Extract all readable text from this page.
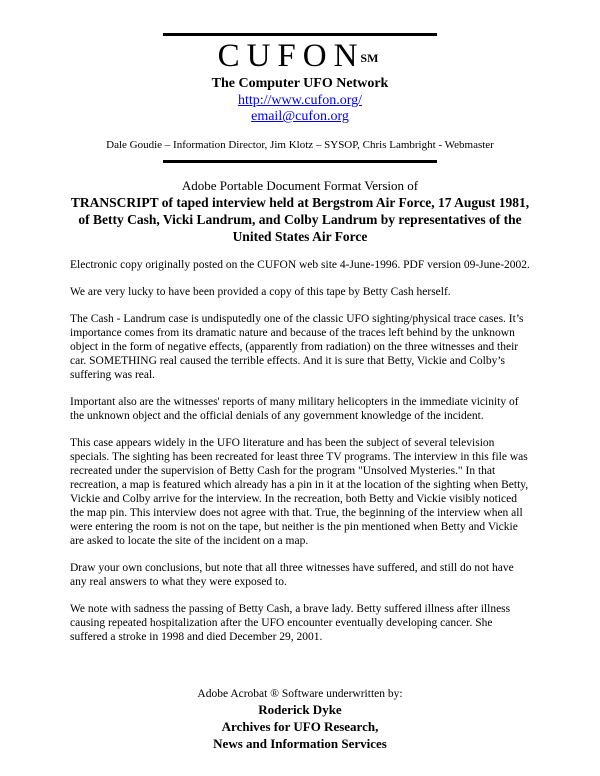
CUFON℠
The Computer UFO Network
http://www.cufon.org/
email@cufon.org
Dale Goudie – Information Director, Jim Klotz – SYSOP, Chris Lambright - Webmaster
Adobe Portable Document Format Version of
TRANSCRIPT of taped interview held at Bergstrom Air Force, 17 August 1981, of Betty Cash, Vicki Landrum, and Colby Landrum by representatives of the United States Air Force

Electronic copy originally posted on the CUFON web site 4-June-1996. PDF version 09-June-2002.

We are very lucky to have been provided a copy of this tape by Betty Cash herself.

The Cash - Landrum case is undisputedly one of the classic UFO sighting/physical trace cases. It’s importance comes from its dramatic nature and because of the traces left behind by the unknown object in the form of negative effects, (apparently from radiation) on the three witnesses and their car. SOMETHING real caused the terrible effects. And it is sure that Betty, Vickie and Colby’s suffering was real.

Important also are the witnesses' reports of many military helicopters in the immediate vicinity of the unknown object and the official denials of any government knowledge of the incident.

This case appears widely in the UFO literature and has been the subject of several television specials. The sighting has been recreated for least three TV programs. The interview in this file was recreated under the supervision of Betty Cash for the program "Unsolved Mysteries." In that recreation, a map is featured which already has a pin in it at the location of the sighting when Betty, Vickie and Colby arrive for the interview. In the recreation, both Betty and Vickie visibly noticed the map pin. This interview does not agree with that. True, the beginning of the interview when all were entering the room is not on the tape, but neither is the pin mentioned when Betty and Vickie are asked to locate the site of the incident on a map.

Draw your own conclusions, but note that all three witnesses have suffered, and still do not have any real answers to what they were exposed to.

We note with sadness the passing of Betty Cash, a brave lady. Betty suffered illness after illness causing repeated hospitalization after the UFO encounter eventually developing cancer. She suffered a stroke in 1998 and died December 29, 2001.

Adobe Acrobat ® Software underwritten by:
Roderick Dyke
Archives for UFO Research,
News and Information Services
